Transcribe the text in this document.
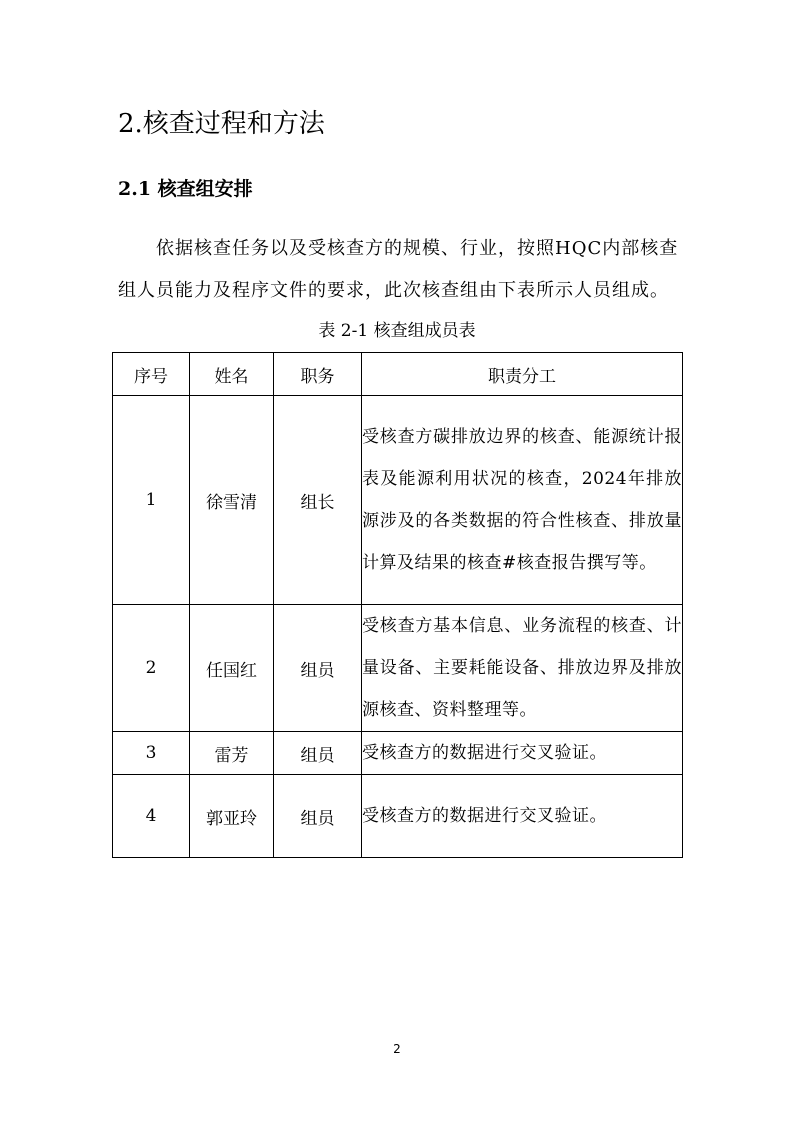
2.核查过程和方法
2.1 核查组安排

依据核查任务以及受核查方的规模、行业，按照HQC内部核查组人员能力及程序文件的要求，此次核查组由下表所示人员组成。

表 2-1 核查组成员表
序号	姓名	职务	职责分工
1	徐雪清	组长	受核查方碳排放边界的核查、能源统计报表及能源利用状况的核查，2024年排放源涉及的各类数据的符合性核查、排放量计算及结果的核查#核查报告撰写等。
2	任国红	组员	受核查方基本信息、业务流程的核查、计量设备、主要耗能设备、排放边界及排放源核查、资料整理等。
3	雷芳	组员	受核查方的数据进行交叉验证。
4	郭亚玲	组员	受核查方的数据进行交叉验证。
2
